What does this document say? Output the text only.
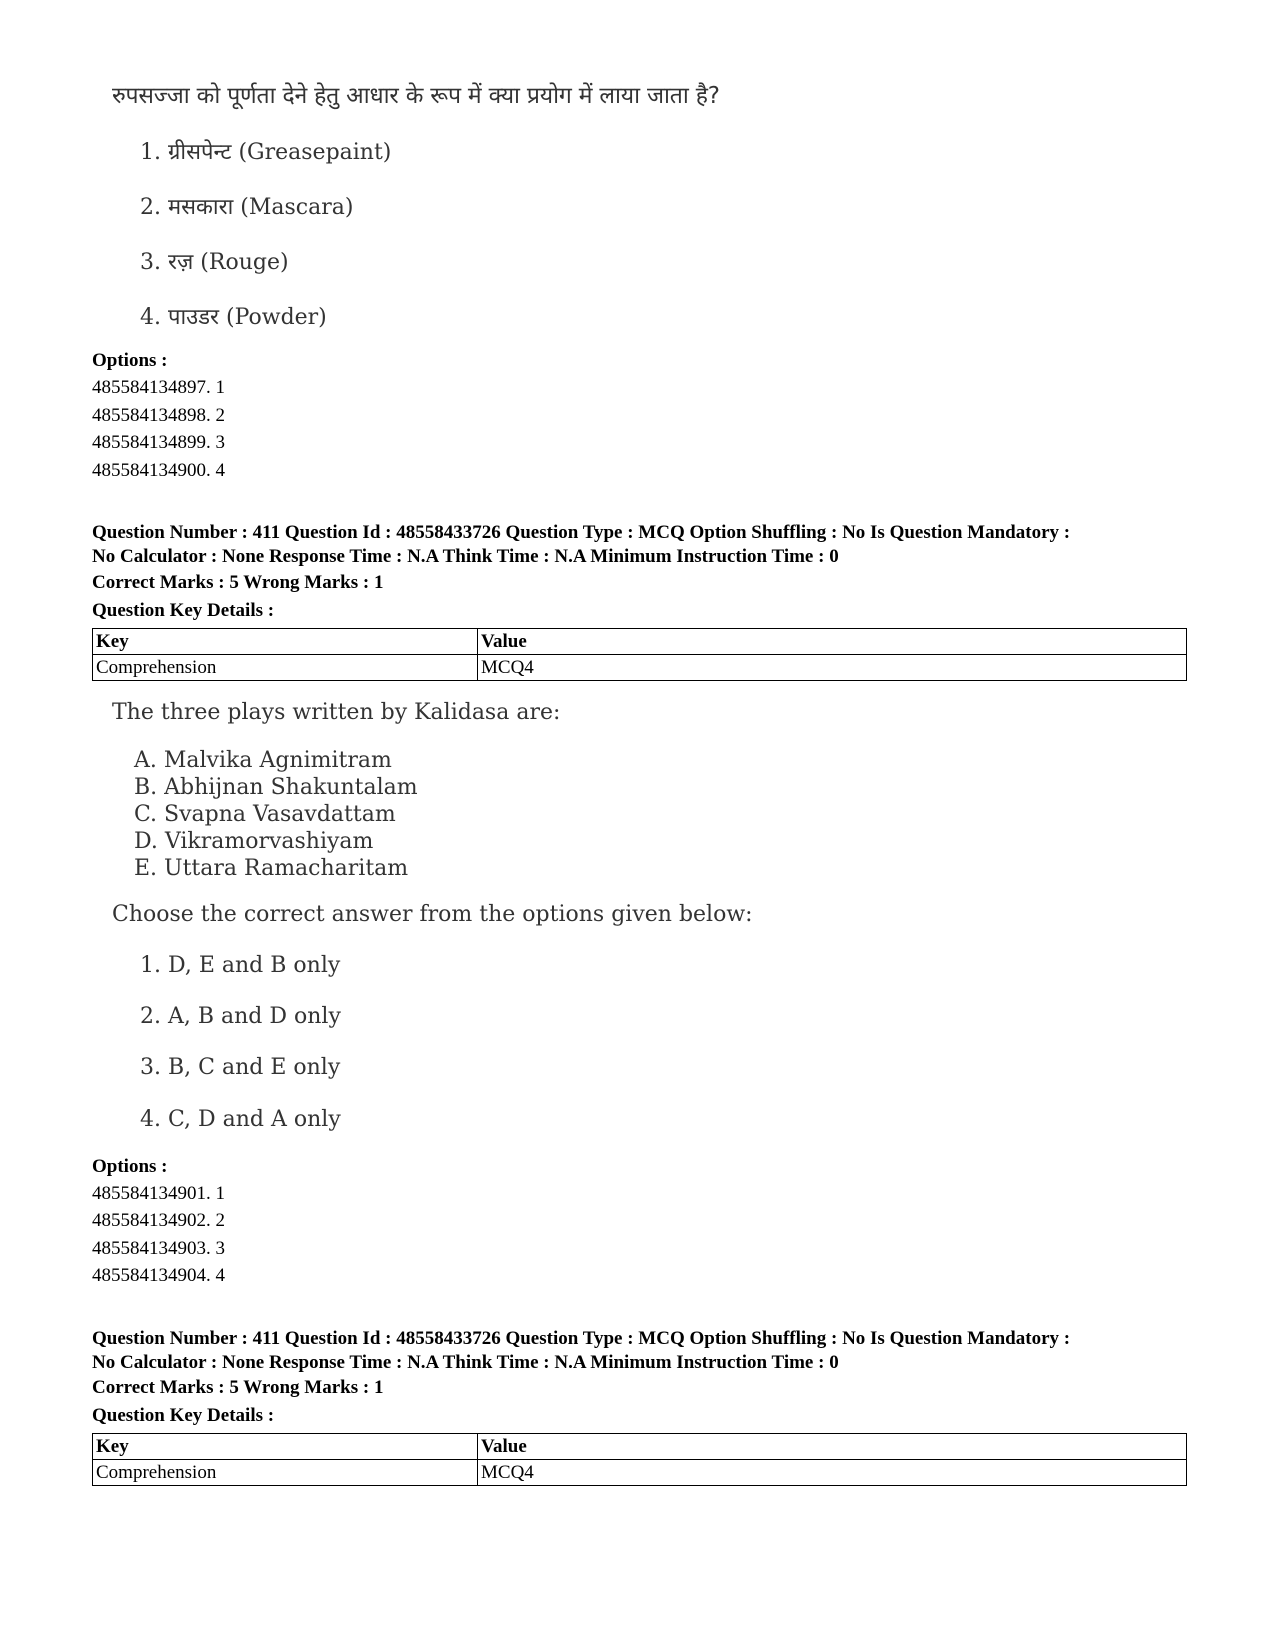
रुपसज्जा को पूर्णता देने हेतु आधार के रूप में क्या प्रयोग में लाया जाता है?
1. ग्रीसपेन्ट (Greasepaint)
2. मसकारा (Mascara)
3. रज़ (Rouge)
4. पाउडर (Powder)
Options :
485584134897. 1
485584134898. 2
485584134899. 3
485584134900. 4
Question Number : 411 Question Id : 48558433726 Question Type : MCQ Option Shuffling : No Is Question Mandatory :
No Calculator : None Response Time : N.A Think Time : N.A Minimum Instruction Time : 0
Correct Marks : 5 Wrong Marks : 1
Question Key Details :
Key	Value
Comprehension	MCQ4
The three plays written by Kalidasa are:
A. Malvika Agnimitram
B. Abhijnan Shakuntalam
C. Svapna Vasavdattam
D. Vikramorvashiyam
E. Uttara Ramacharitam
Choose the correct answer from the options given below:
1. D, E and B only
2. A, B and D only
3. B, C and E only
4. C, D and A only
Options :
485584134901. 1
485584134902. 2
485584134903. 3
485584134904. 4
Question Number : 411 Question Id : 48558433726 Question Type : MCQ Option Shuffling : No Is Question Mandatory :
No Calculator : None Response Time : N.A Think Time : N.A Minimum Instruction Time : 0
Correct Marks : 5 Wrong Marks : 1
Question Key Details :
Key	Value
Comprehension	MCQ4
